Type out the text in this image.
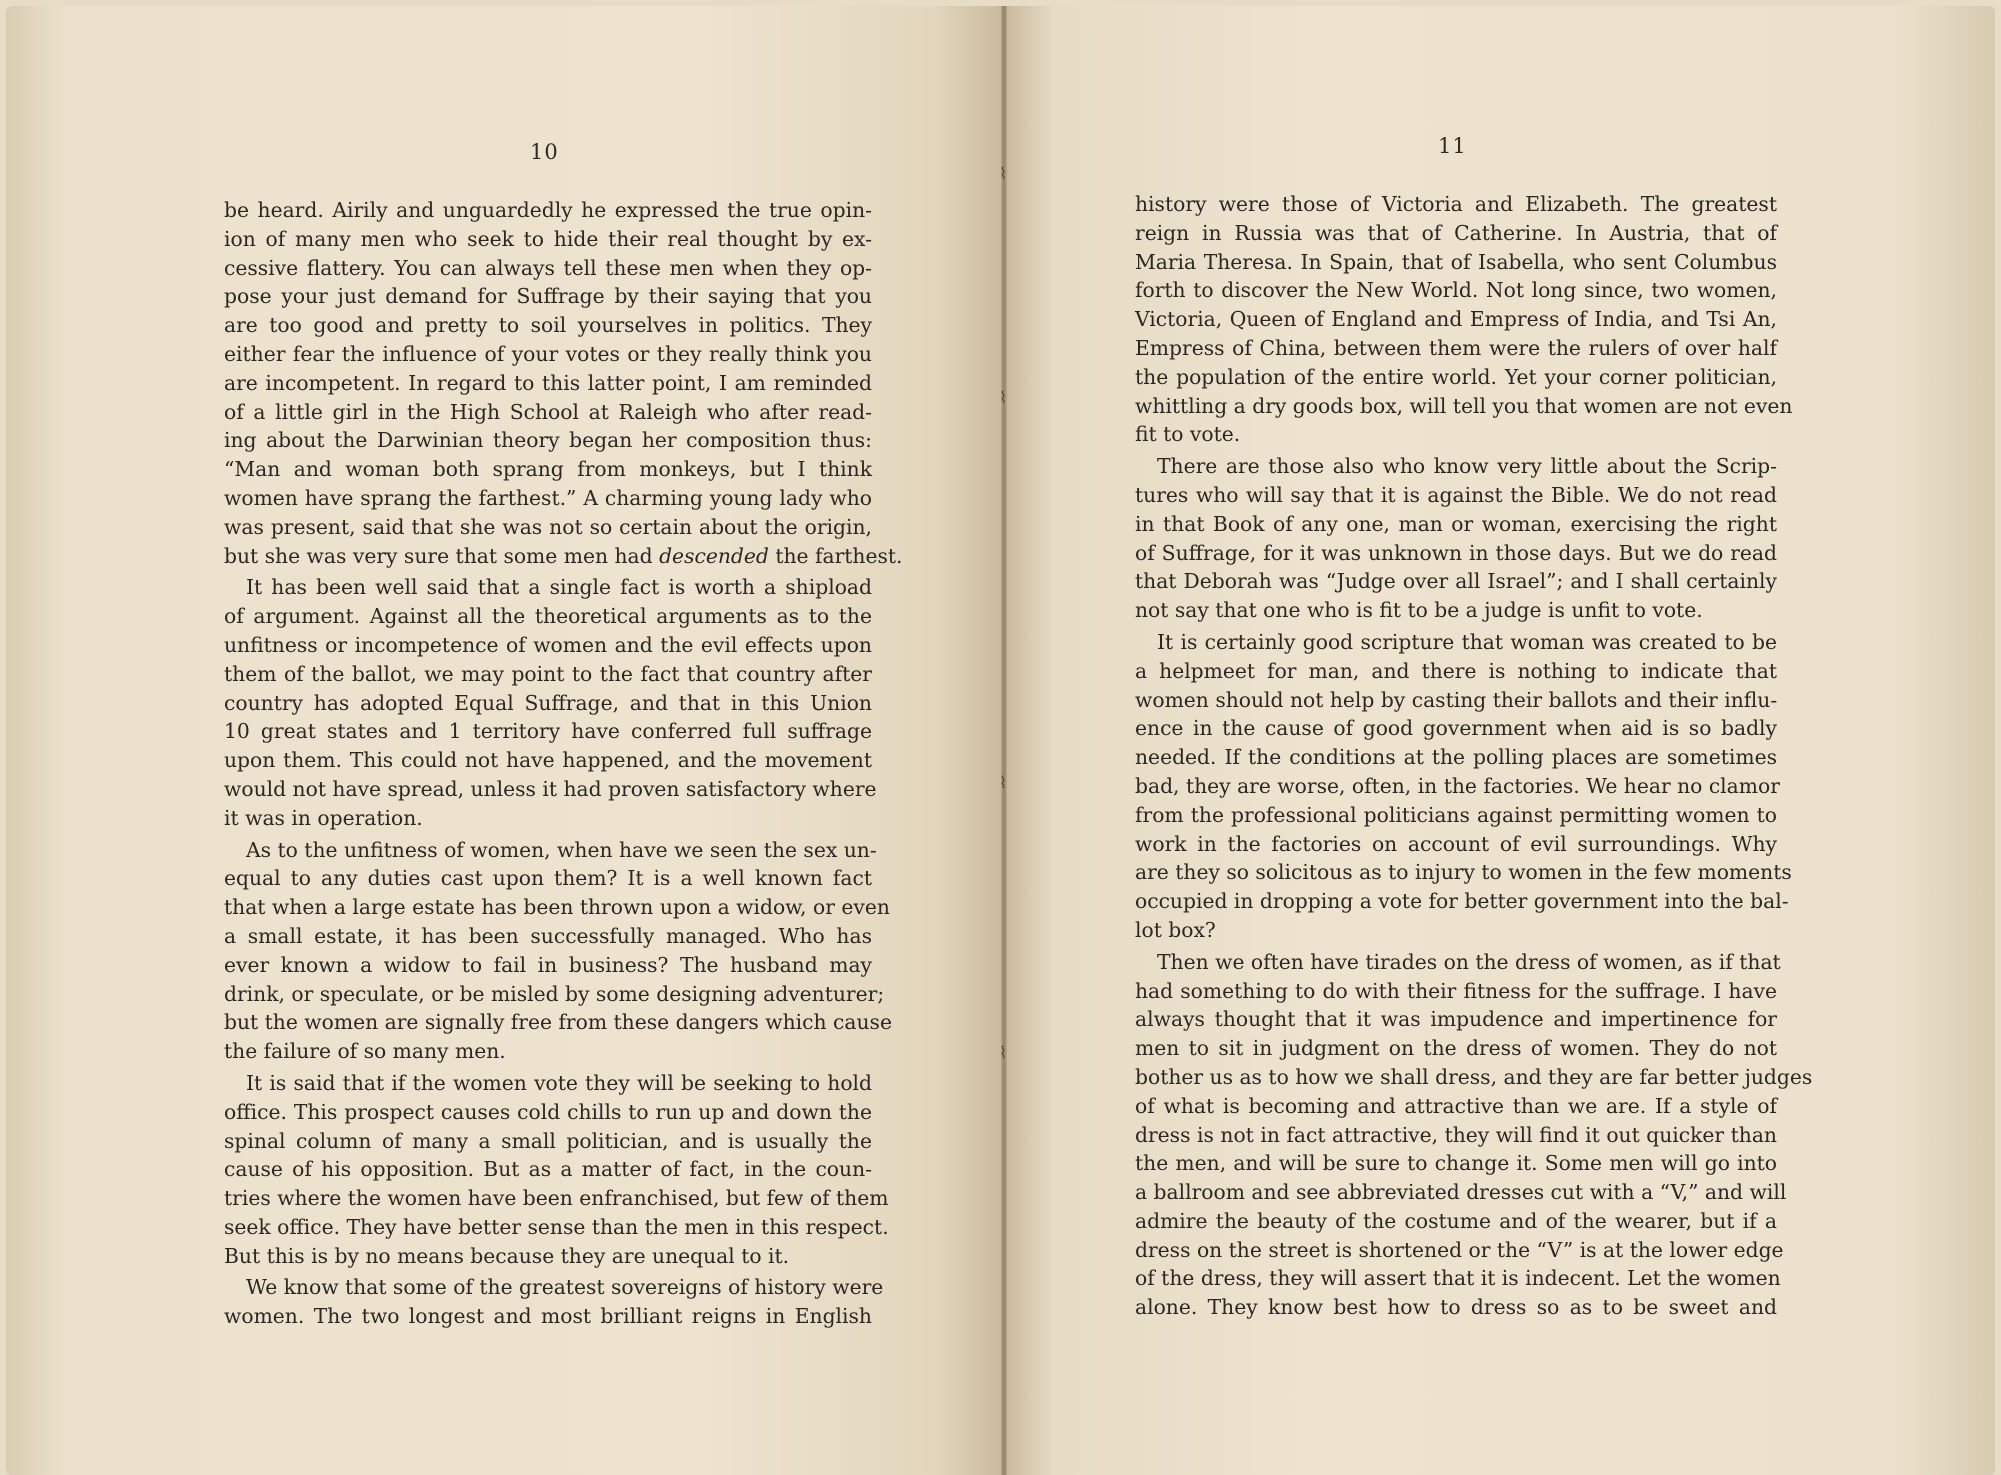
10
be heard. Airily and unguardedly he expressed the true opin-
ion of many men who seek to hide their real thought by ex-
cessive flattery. You can always tell these men when they op-
pose your just demand for Suffrage by their saying that you
are too good and pretty to soil yourselves in politics. They
either fear the influence of your votes or they really think you
are incompetent. In regard to this latter point, I am reminded
of a little girl in the High School at Raleigh who after read-
ing about the Darwinian theory began her composition thus:
“Man and woman both sprang from monkeys, but I think
women have sprang the farthest.” A charming young lady who
was present, said that she was not so certain about the origin,
but she was very sure that some men had descended the farthest.
It has been well said that a single fact is worth a shipload
of argument. Against all the theoretical arguments as to the
unfitness or incompetence of women and the evil effects upon
them of the ballot, we may point to the fact that country after
country has adopted Equal Suffrage, and that in this Union
10 great states and 1 territory have conferred full suffrage
upon them. This could not have happened, and the movement
would not have spread, unless it had proven satisfactory where
it was in operation.
As to the unfitness of women, when have we seen the sex un-
equal to any duties cast upon them? It is a well known fact
that when a large estate has been thrown upon a widow, or even
a small estate, it has been successfully managed. Who has
ever known a widow to fail in business? The husband may
drink, or speculate, or be misled by some designing adventurer;
but the women are signally free from these dangers which cause
the failure of so many men.
It is said that if the women vote they will be seeking to hold
office. This prospect causes cold chills to run up and down the
spinal column of many a small politician, and is usually the
cause of his opposition. But as a matter of fact, in the coun-
tries where the women have been enfranchised, but few of them
seek office. They have better sense than the men in this respect.
But this is by no means because they are unequal to it.
We know that some of the greatest sovereigns of history were
women. The two longest and most brilliant reigns in English
11
history were those of Victoria and Elizabeth. The greatest
reign in Russia was that of Catherine. In Austria, that of
Maria Theresa. In Spain, that of Isabella, who sent Columbus
forth to discover the New World. Not long since, two women,
Victoria, Queen of England and Empress of India, and Tsi An,
Empress of China, between them were the rulers of over half
the population of the entire world. Yet your corner politician,
whittling a dry goods box, will tell you that women are not even
fit to vote.
There are those also who know very little about the Scrip-
tures who will say that it is against the Bible. We do not read
in that Book of any one, man or woman, exercising the right
of Suffrage, for it was unknown in those days. But we do read
that Deborah was “Judge over all Israel”; and I shall certainly
not say that one who is fit to be a judge is unfit to vote.
It is certainly good scripture that woman was created to be
a helpmeet for man, and there is nothing to indicate that
women should not help by casting their ballots and their influ-
ence in the cause of good government when aid is so badly
needed. If the conditions at the polling places are sometimes
bad, they are worse, often, in the factories. We hear no clamor
from the professional politicians against permitting women to
work in the factories on account of evil surroundings. Why
are they so solicitous as to injury to women in the few moments
occupied in dropping a vote for better government into the bal-
lot box?
Then we often have tirades on the dress of women, as if that
had something to do with their fitness for the suffrage. I have
always thought that it was impudence and impertinence for
men to sit in judgment on the dress of women. They do not
bother us as to how we shall dress, and they are far better judges
of what is becoming and attractive than we are. If a style of
dress is not in fact attractive, they will find it out quicker than
the men, and will be sure to change it. Some men will go into
a ballroom and see abbreviated dresses cut with a “V,” and will
admire the beauty of the costume and of the wearer, but if a
dress on the street is shortened or the “V” is at the lower edge
of the dress, they will assert that it is indecent. Let the women
alone. They know best how to dress so as to be sweet and
⌇
⌇
⌇
⌇
